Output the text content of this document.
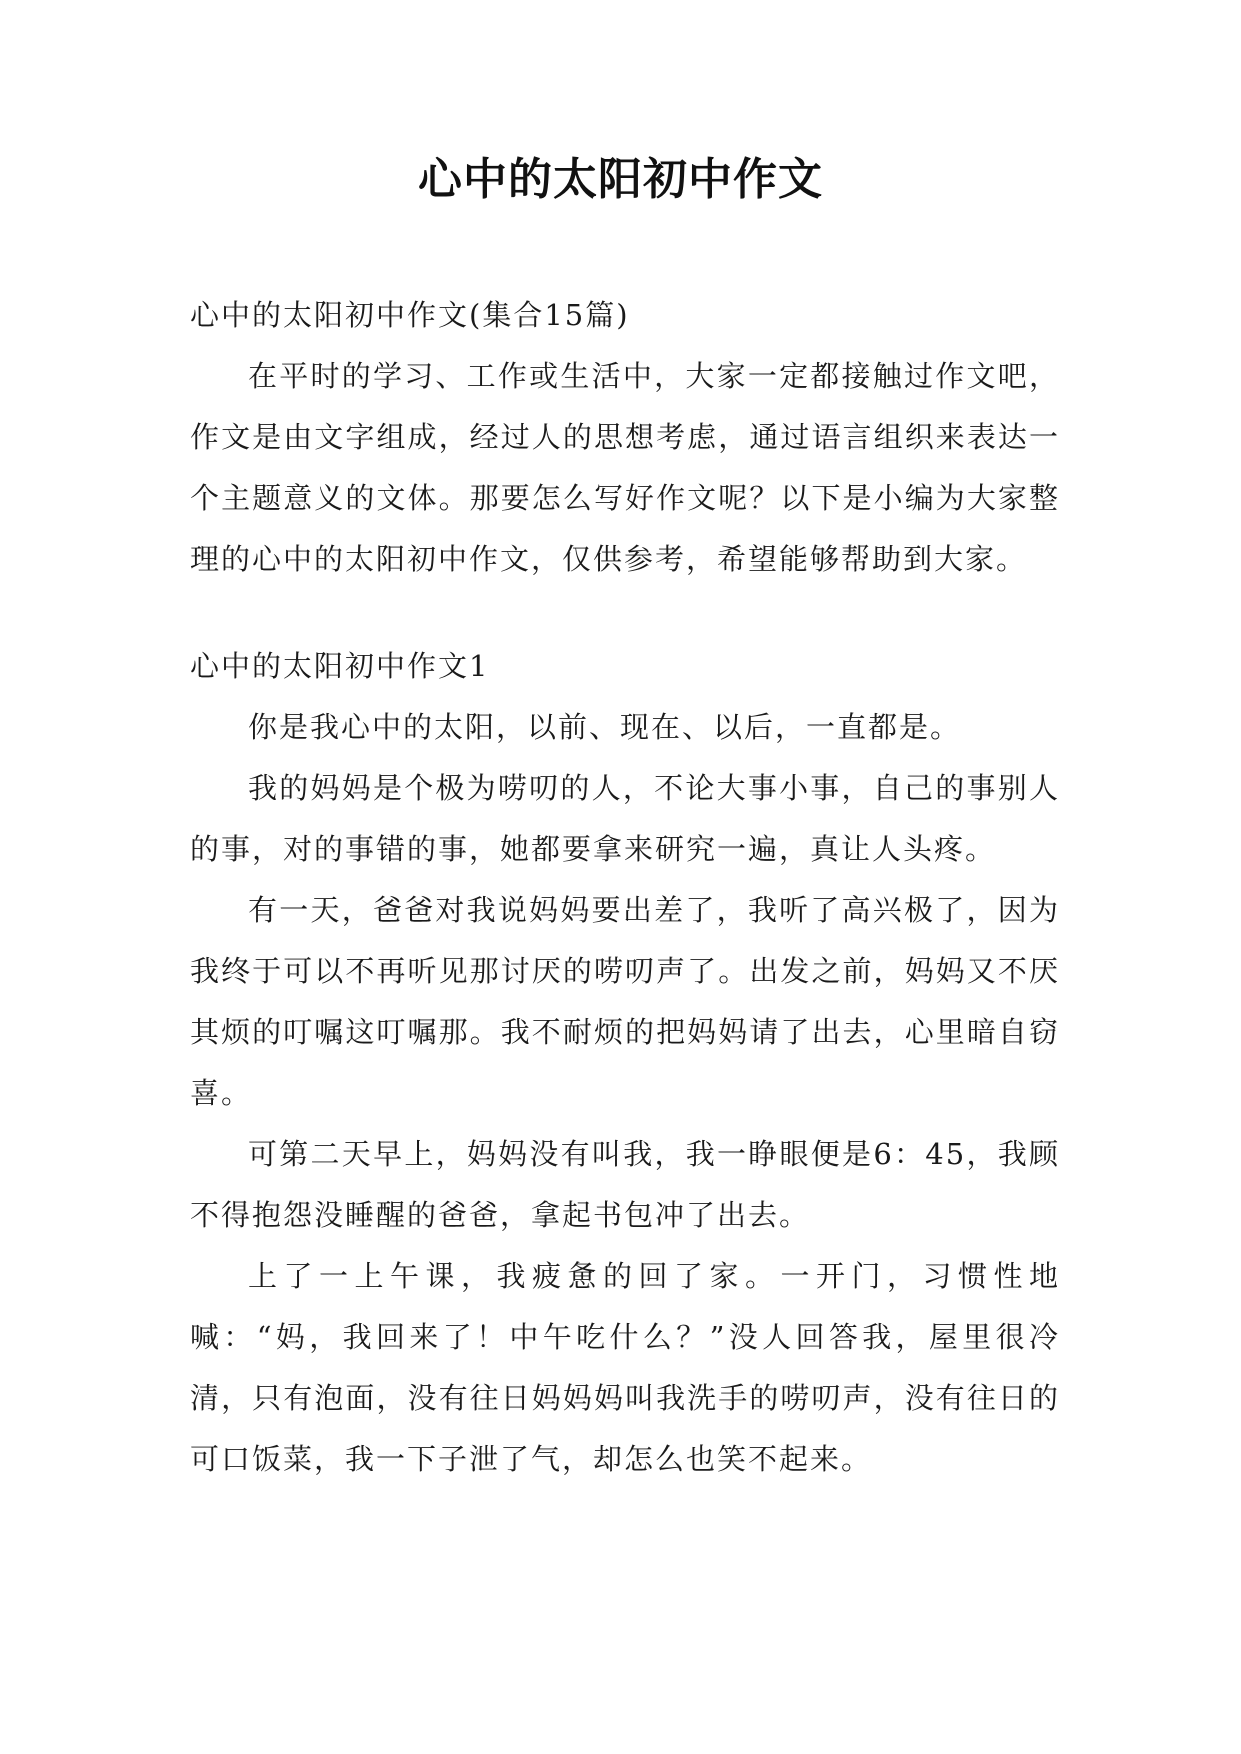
心中的太阳初中作文

心中的太阳初中作文(集合15篇)

在平时的学习、工作或生活中，大家一定都接触过作文吧，作文是由文字组成，经过人的思想考虑，通过语言组织来表达一个主题意义的文体。那要怎么写好作文呢？以下是小编为大家整理的心中的太阳初中作文，仅供参考，希望能够帮助到大家。

心中的太阳初中作文1

你是我心中的太阳，以前、现在、以后，一直都是。

我的妈妈是个极为唠叨的人，不论大事小事，自己的事别人的事，对的事错的事，她都要拿来研究一遍，真让人头疼。

有一天，爸爸对我说妈妈要出差了，我听了高兴极了，因为我终于可以不再听见那讨厌的唠叨声了。出发之前，妈妈又不厌其烦的叮嘱这叮嘱那。我不耐烦的把妈妈请了出去，心里暗自窃喜。

可第二天早上，妈妈没有叫我，我一睁眼便是6：45，我顾不得抱怨没睡醒的爸爸，拿起书包冲了出去。

上了一上午课，我疲惫的回了家。一开门，习惯性地喊：“妈，我回来了！中午吃什么？”没人回答我，屋里很冷清，只有泡面，没有往日妈妈妈叫我洗手的唠叨声，没有往日的可口饭菜，我一下子泄了气，却怎么也笑不起来。
